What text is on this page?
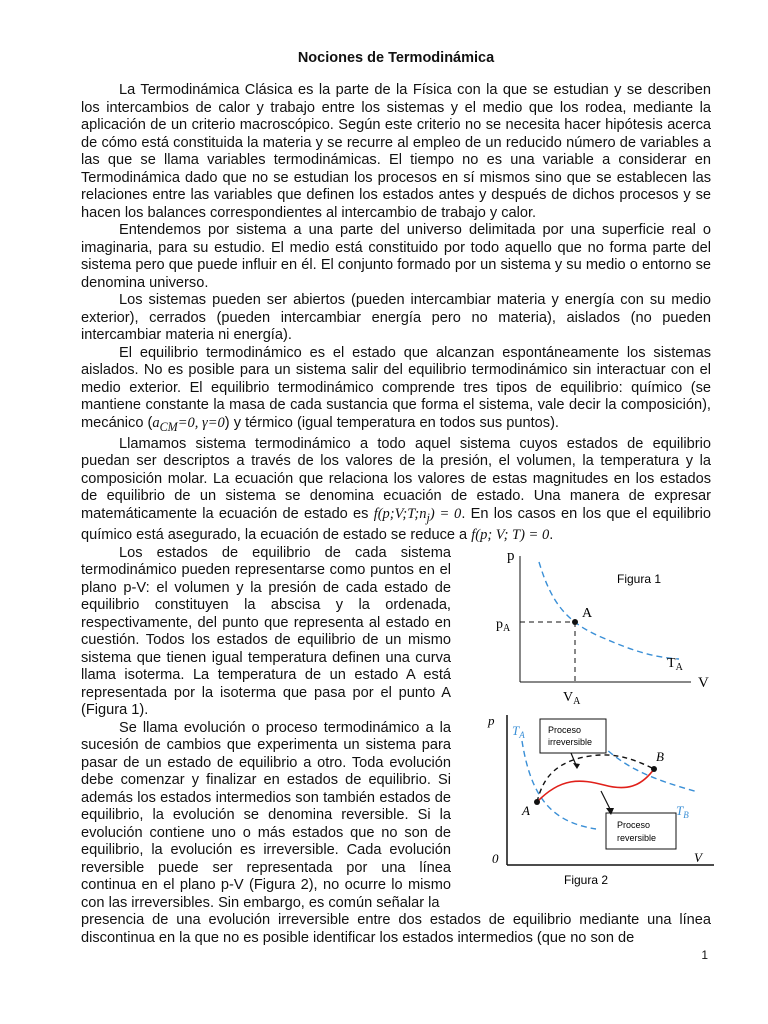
Nociones de Termodinámica

La Termodinámica Clásica es la parte de la Física con la que se estudian y se describen los intercambios de calor y trabajo entre los sistemas y el medio que los rodea, mediante la aplicación de un criterio macroscópico. Según este criterio no se necesita hacer hipótesis acerca de cómo está constituida la materia y se recurre al empleo de un reducido número de variables a las que se llama variables termodinámicas. El tiempo no es una variable a considerar en Termodinámica dado que no se estudian los procesos en sí mismos sino que se establecen las relaciones entre las variables que definen los estados antes y después de dichos procesos y se hacen los balances correspondientes al intercambio de trabajo y calor.

Entendemos por sistema a una parte del universo delimitada por una superficie real o imaginaria, para su estudio. El medio está constituido por todo aquello que no forma parte del sistema pero que puede influir en él. El conjunto formado por un sistema y su medio o entorno se denomina universo.

Los sistemas pueden ser abiertos (pueden intercambiar materia y energía con su medio exterior), cerrados (pueden intercambiar energía pero no materia), aislados (no pueden intercambiar materia ni energía).

El equilibrio termodinámico es el estado que alcanzan espontáneamente los sistemas aislados. No es posible para un sistema salir del equilibrio termodinámico sin interactuar con el medio exterior. El equilibrio termodinámico comprende tres tipos de equilibrio: químico (se mantiene constante la masa de cada sustancia que forma el sistema, vale decir la composición), mecánico ($a_{CM}=0$, γ=0) y térmico (igual temperatura en todos sus puntos).

Llamamos sistema termodinámico a todo aquel sistema cuyos estados de equilibrio puedan ser descriptos a través de los valores de la presión, el volumen, la temperatura y la composición molar. La ecuación que relaciona los valores de estas magnitudes en los estados de equilibrio de un sistema se denomina ecuación de estado. Una manera de expresar matemáticamente la ecuación de estado es $f(p;V;T;n_j) = 0$. En los casos en los que el equilibrio químico está asegurado, la ecuación de estado se reduce a f(p; V; T) = 0.

Los estados de equilibrio de cada sistema termodinámico pueden representarse como puntos en el plano p-V: el volumen y la presión de cada estado de equilibrio constituyen la abscisa y la ordenada, respectivamente, del punto que representa al estado en cuestión. Todos los estados de equilibrio de un mismo sistema que tienen igual temperatura definen una curva llama isoterma. La temperatura de un estado A está representada por la isoterma que pasa por el punto A (Figura 1).

Se llama evolución o proceso termodinámico a la sucesión de cambios que experimenta un sistema para pasar de un estado de equilibrio a otro. Toda evolución debe comenzar y finalizar en estados de equilibrio. Si además los estados intermedios son también estados de equilibrio, la evolución se denomina reversible. Si la evolución contiene uno o más estados que no son de equilibrio, la evolución es irreversible. Cada evolución reversible puede ser representada por una línea continua en el plano p-V (Figura 2), no ocurre lo mismo con las irreversibles. Sin embargo, es común señalar la

p
V
Figura 1
A
$p_A$
$V_A$
$T_A$
p
V
0
Figura 2
$T_A$
$T_B$
A
B
Proceso
irreversible
Proceso
reversible

presencia de una evolución irreversible entre dos estados de equilibrio mediante una línea discontinua en la que no es posible identificar los estados intermedios (que no son de

1
